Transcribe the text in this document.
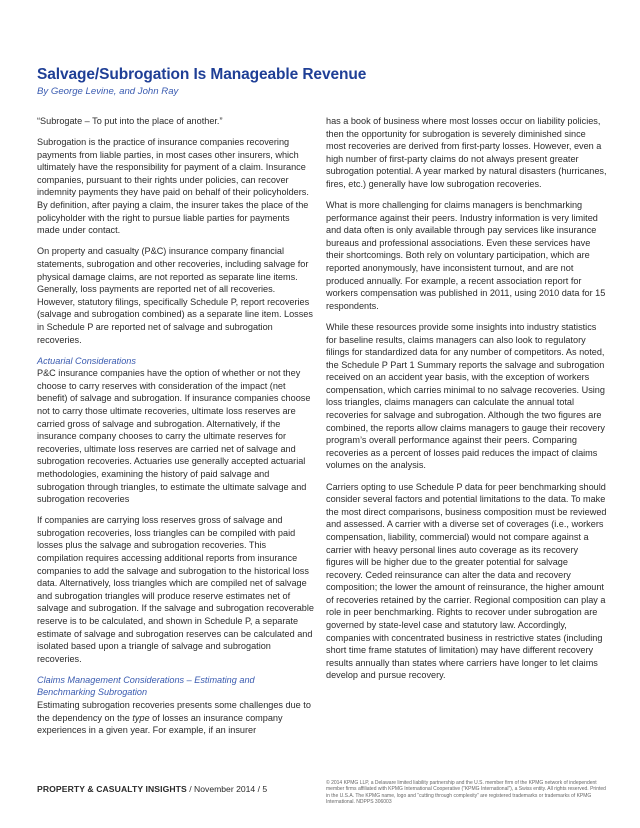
Salvage/Subrogation Is Manageable Revenue

By George Levine, and John Ray

“Subrogate – To put into the place of another.”

Subrogation is the practice of insurance companies recovering payments from liable parties, in most cases other insurers, which ultimately have the responsibility for payment of a claim. Insurance companies, pursuant to their rights under policies, can recover indemnity payments they have paid on behalf of their policyholders. By definition, after paying a claim, the insurer takes the place of the policyholder with the right to pursue liable parties for payments made under contact.

On property and casualty (P&C) insurance company financial statements, subrogation and other recoveries, including salvage for physical damage claims, are not reported as separate line items. Generally, loss payments are reported net of all recoveries. However, statutory filings, specifically Schedule P, report recoveries (salvage and subrogation combined) as a separate line item. Losses in Schedule P are reported net of salvage and subrogation recoveries.

Actuarial Considerations

P&C insurance companies have the option of whether or not they choose to carry reserves with consideration of the impact (net benefit) of salvage and subrogation. If insurance companies choose not to carry those ultimate recoveries, ultimate loss reserves are carried gross of salvage and subrogation. Alternatively, if the insurance company chooses to carry the ultimate reserves for recoveries, ultimate loss reserves are carried net of salvage and subrogation recoveries. Actuaries use generally accepted actuarial methodologies, examining the history of paid salvage and subrogation through triangles, to estimate the ultimate salvage and subrogation recoveries

If companies are carrying loss reserves gross of salvage and subrogation recoveries, loss triangles can be compiled with paid losses plus the salvage and subrogation recoveries. This compilation requires accessing additional reports from insurance companies to add the salvage and subrogation to the historical loss data. Alternatively, loss triangles which are compiled net of salvage and subrogation triangles will produce reserve estimates net of salvage and subrogation. If the salvage and subrogation recoverable reserve is to be calculated, and shown in Schedule P, a separate estimate of salvage and subrogation reserves can be calculated and isolated based upon a triangle of salvage and subrogation recoveries.

Claims Management Considerations – Estimating and Benchmarking Subrogation

Estimating subrogation recoveries presents some challenges due to the dependency on the type of losses an insurance company experiences in a given year. For example, if an insurer

has a book of business where most losses occur on liability policies, then the opportunity for subrogation is severely diminished since most recoveries are derived from first-party losses. However, even a high number of first-party claims do not always present greater subrogation potential. A year marked by natural disasters (hurricanes, fires, etc.) generally have low subrogation recoveries.

What is more challenging for claims managers is benchmarking performance against their peers. Industry information is very limited and data often is only available through pay services like insurance bureaus and professional associations. Even these services have their shortcomings. Both rely on voluntary participation, which are reported anonymously, have inconsistent turnout, and are not produced annually. For example, a recent association report for workers compensation was published in 2011, using 2010 data for 15 respondents.

While these resources provide some insights into industry statistics for baseline results, claims managers can also look to regulatory filings for standardized data for any number of competitors. As noted, the Schedule P Part 1 Summary reports the salvage and subrogation received on an accident year basis, with the exception of workers compensation, which carries minimal to no salvage recoveries. Using loss triangles, claims managers can calculate the annual total recoveries for salvage and subrogation. Although the two figures are combined, the reports allow claims managers to gauge their recovery program’s overall performance against their peers. Comparing recoveries as a percent of losses paid reduces the impact of claims volumes on the analysis.

Carriers opting to use Schedule P data for peer benchmarking should consider several factors and potential limitations to the data. To make the most direct comparisons, business composition must be reviewed and assessed. A carrier with a diverse set of coverages (i.e., workers compensation, liability, commercial) would not compare against a carrier with heavy personal lines auto coverage as its recovery figures will be higher due to the greater potential for salvage recovery. Ceded reinsurance can alter the data and recovery composition; the lower the amount of reinsurance, the higher amount of recoveries retained by the carrier. Regional composition can play a role in peer benchmarking. Rights to recover under subrogation are governed by state-level case and statutory law. Accordingly, companies with concentrated business in restrictive states (including short time frame statutes of limitation) may have different recovery results annually than states where carriers have longer to let claims develop and pursue recovery.

PROPERTY & CASUALTY INSIGHTS / November 2014 / 5
© 2014 KPMG LLP, a Delaware limited liability partnership and the U.S. member firm of the KPMG network of independent member firms affiliated with KPMG International Cooperative (“KPMG International”), a Swiss entity. All rights reserved. Printed in the U.S.A. The KPMG name, logo and “cutting through complexity” are registered trademarks or trademarks of KPMG International. NDPPS 306003
